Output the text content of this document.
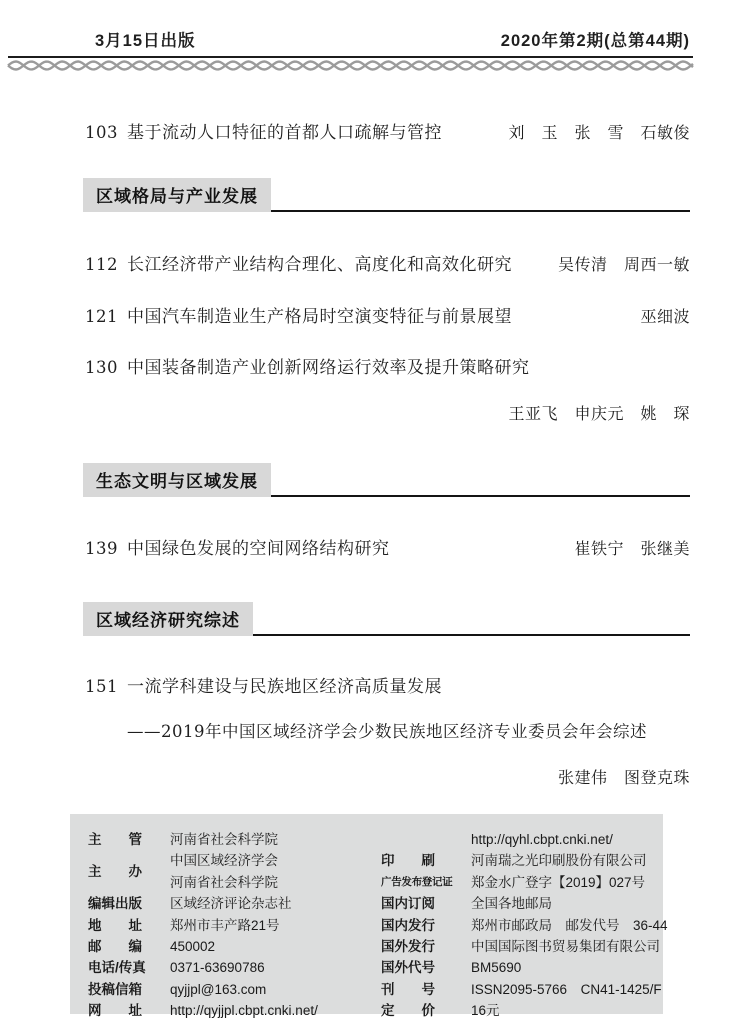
3月15日出版	2020年第2期(总第44期)
103 基于流动人口特征的首都人口疏解与管控	刘　玉　张　雪　石敏俊
区域格局与产业发展
112 长江经济带产业结构合理化、高度化和高效化研究	吴传清　周西一敏
121 中国汽车制造业生产格局时空演变特征与前景展望	巫细波
130 中国装备制造产业创新网络运行效率及提升策略研究
王亚飞　申庆元　姚　琛
生态文明与区域发展
139 中国绿色发展的空间网络结构研究	崔铁宁　张继美
区域经济研究综述
151 一流学科建设与民族地区经济高质量发展
——2019年中国区域经济学会少数民族地区经济专业委员会年会综述
张建伟　图登克珠
主　　管	河南省社会科学院
主　　办
中国区域经济学会
河南省社会科学院
编辑出版	区域经济评论杂志社
地　　址	郑州市丰产路21号
邮　　编	450002
电话/传真	0371-63690786
投稿信箱	qyjjpl@163.com
网　　址	http://qyjjpl.cbpt.cnki.net/
http://qyhl.cbpt.cnki.net/
印　　刷	河南瑞之光印刷股份有限公司
广告发布登记证	郑金水广登字【2019】027号
国内订阅	全国各地邮局
国内发行	郑州市邮政局　邮发代号　36-44
国外发行	中国国际图书贸易集团有限公司
国外代号	BM5690
刊　　号	ISSN2095-5766　CN41-1425/F
定　　价	16元
